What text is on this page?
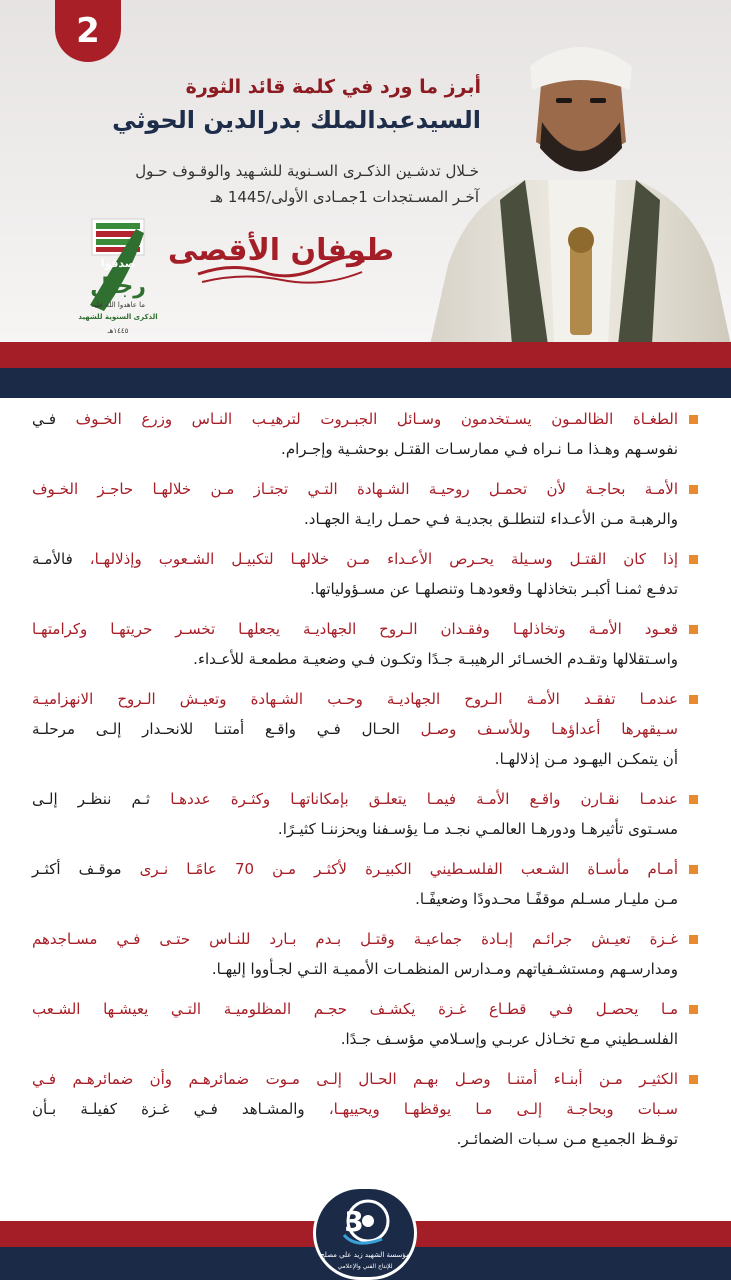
2
أبرز ما ورد في كلمة قائد الثورة
السيدعبدالملك بدرالدين الحوثي
خـلال تدشـين الذكـرى السـنوية للشـهيد والوقـوف حـول
آخـر المسـتجدات 1جمـادى الأولى/1445 هـ
طوفان الأقصى
صدقوا
رجال
ما عاهدوا الله عليه
الذكرى السنوية للشهيد
١٤٤٥هـ
الطغـاة الظالمـون يسـتخدمون وسـائل الجبـروت لترهيـب النـاس وزرع الخـوف فـي
نفوسـهم وهـذا مـا نـراه فـي ممارسـات القتـل بوحشـية وإجـرام.
الأمـة بحاجـة لأن تحمـل روحيـة الشـهادة التـي تجتـاز مـن خلالهـا حاجـز الخـوف
والرهبـة مـن الأعـداء لتنطلـق بجديـة فـي حمـل رايـة الجهـاد.
إذا كان القتـل وسـيلة يحـرص الأعـداء مـن خلالهـا لتكبيـل الشـعوب وإذلالهـا، فالأمـة
تدفـع ثمنـا أكبـر بتخاذلهـا وقعودهـا وتنصلهـا عن مسـؤولياتها.
قعـود الأمـة وتخاذلهـا وفقـدان الـروح الجهاديـة يجعلهـا تخسـر حريتهـا وكرامتهـا
واسـتقلالها وتقـدم الخسـائر الرهيبـة جـدًا وتكـون فـي وضعيـة مطمعـة للأعـداء.
عندمـا تفقـد الأمـة الـروح الجهاديـة وحـب الشـهادة وتعيـش الـروح الانهزاميـة
سـيقهرها أعداؤهـا وللأسـف وصـل الحـال فـي واقـع أمتنـا للانحـدار إلـى مرحلـة
أن يتمكـن اليهـود مـن إذلالهـا.
عندمـا نقـارن واقـع الأمـة فيمـا يتعلـق بإمكاناتهـا وكثـرة عددهـا ثـم ننظـر إلـى
مسـتوى تأثيرهـا ودورهـا العالمـي نجـد مـا يؤسـفنا ويحزننـا كثيـرًا.
أمـام مأسـاة الشـعب الفلسـطيني الكبيـرة لأكثـر مـن 70 عامًـا نـرى موقـف أكثـر
مـن مليـار مسـلم موقفًـا محـدودًا وضعيفًـا.
غـزة تعيـش جرائـم إبـادة جماعيـة وقتـل بـدم بـارد للنـاس حتـى فـي مسـاجدهم
ومدارسـهم ومستشـفياتهم ومـدارس المنظمـات الأمميـة التـي لجـأووا إليهـا.
مـا يحصـل فـي قطـاع غـزة يكشـف حجـم المظلوميـة التـي يعيشـها الشـعب
الفلسـطيني مـع تخـاذل عربـي وإسـلامي مؤسـف جـدًا.
الكثيـر مـن أبنـاء أمتنـا وصـل بهـم الحـال إلـى مـوت ضمائرهـم وأن ضمائرهـم فـي
سـبات وبحاجـة إلـى مـا يوقظهـا ويحييهـا، والمشـاهد فـي غـزة كفيلـة بـأن
توقـظ الجميـع مـن سـبات الضمائـر.
3
مؤسسة الشهيد زيد علي مصلح
للإنتاج الفني والإعلامي
